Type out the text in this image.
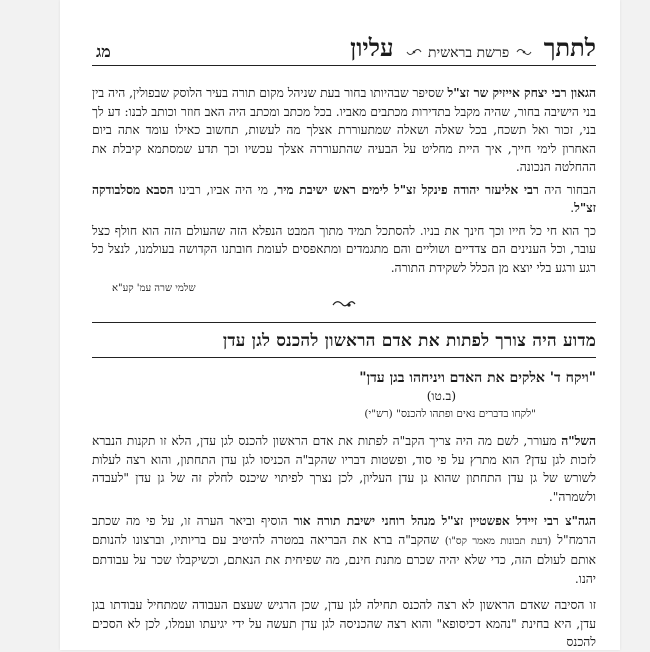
לתתך
פרשת בראשית
עליון
מג

הגאון רבי יצחק אייזיק שר זצ"ל שסיפר שבהיותו בחור בעת שניהל מקום תורה בעיר הלוסק שבפולין, היה בין בני הישיבה בחור, שהיה מקבל בתדירות מכתבים מאביו. בכל מכתב ומכתב היה האב חוזר וכותב לבנו: דע לך בני, זכור ואל תשכח, בכל שאלה ושאלה שמתעוררת אצלך מה לעשות, תחשוב כאילו עומד אתה ביום האחרון לימי חייך, איך היית מחליט על הבעיה שהתעוררה אצלך עכשיו וכך תדע שמסתמא קיבלת את ההחלטה הנכונה.

הבחור היה רבי אליעזר יהודה פינקל זצ"ל לימים ראש ישיבת מיר, מי היה אביו, רבינו הסבא מסלבודקה זצ"ל.

כך הוא חי כל חייו וכך חינך את בניו. להסתכל תמיד מתוך המבט הנפלא הזה שהעולם הזה הוא חולף כצל עובר, וכל הענינים הם צדדיים ושוליים והם מתגמדים ומתאפסים לעומת חובתנו הקדושה בעולמנו, לנצל כל רגע ורגע בלי יוצא מן הכלל לשקידת התורה.

שלמי שרה עמ' קע"א
מדוע היה צורך לפתות את אדם הראשון להכנס לגן עדן
"ויקח ד' אלקים את האדם ויניחהו בגן עדן"
(ב.טו)
"לקחו בדברים נאים ופתהו להכנס" (רש"י)

השל"ה מעורר, לשם מה היה צריך הקב"ה לפתות את אדם הראשון להכנס לגן עדן, הלא זו תקנות הנברא לזכות לגן עדן? הוא מתרץ על פי סוד, ופשטות דבריו שהקב"ה הכניסו לגן עדן התחתון, והוא רצה לעלות לשורש של גן עדן התחתון שהוא גן עדן העליון, לכן נצרך לפיתוי שיכנס לחלק זה של גן עדן "לעבדה ולשמרה".

הגה"צ רבי זיידל אפשטיין זצ"ל מנהל רוחני ישיבת תורה אור הוסיף וביאר הערה זו, על פי מה שכתב הרמח"ל (דעת תבונות מאמר קס"ו) שהקב"ה ברא את הבריאה במטרה להיטיב עם בריותיו, וברצונו להנותם אותם לעולם הזה, כדי שלא יהיה שכרם מתנת חינם, מה שפיחית את הנאתם, וכשיקבלו שכר על עבודתם יהנו.

זו הסיבה שאדם הראשון לא רצה להכנס תחילה לגן עדן, שכן הרגיש שעצם העבודה שמתחיל עבודתו בגן עדן, היא בחינת "נהמא דכיסופא" והוא רצה שהכניסה לגן עדן תעשה על ידי יגיעתו ועמלו, לכן לא הסכים להכנס
